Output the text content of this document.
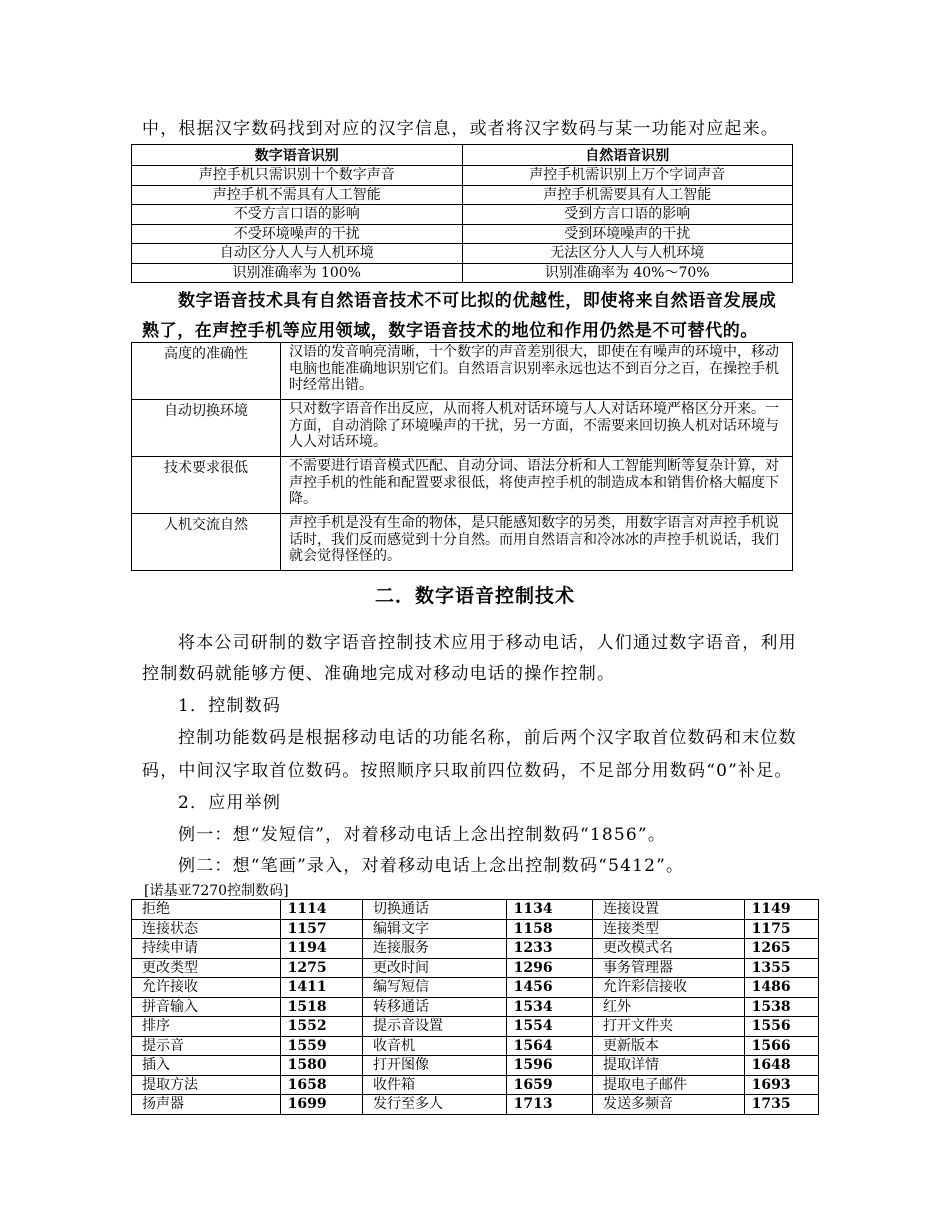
中，根据汉字数码找到对应的汉字信息，或者将汉字数码与某一功能对应起来。

数字语音识别	自然语音识别
声控手机只需识别十个数字声音	声控手机需识别上万个字词声音
声控手机不需具有人工智能	声控手机需要具有人工智能
不受方言口语的影响	受到方言口语的影响
不受环境噪声的干扰	受到环境噪声的干扰
自动区分人人与人机环境	无法区分人人与人机环境
识别准确率为 100%	识别准确率为 40%～70%

数字语音技术具有自然语音技术不可比拟的优越性，即使将来自然语音发展成

熟了，在声控手机等应用领域，数字语音技术的地位和作用仍然是不可替代的。

高度的准确性	汉语的发音响亮清晰，十个数字的声音差别很大，即使在有噪声的环境中，移动电脑也能准确地识别它们。自然语言识别率永远也达不到百分之百，在操控手机时经常出错。
自动切换环境	只对数字语音作出反应，从而将人机对话环境与人人对话环境严格区分开来。一方面，自动消除了环境噪声的干扰，另一方面，不需要来回切换人机对话环境与人人对话环境。
技术要求很低	不需要进行语音模式匹配、自动分词、语法分析和人工智能判断等复杂计算，对声控手机的性能和配置要求很低，将使声控手机的制造成本和销售价格大幅度下降。
人机交流自然	声控手机是没有生命的物体，是只能感知数字的另类，用数字语言对声控手机说话时，我们反而感觉到十分自然。而用自然语言和冷冰冰的声控手机说话，我们就会觉得怪怪的。
二．数字语音控制技术

将本公司研制的数字语音控制技术应用于移动电话，人们通过数字语音，利用

控制数码就能够方便、准确地完成对移动电话的操作控制。

1．控制数码

控制功能数码是根据移动电话的功能名称，前后两个汉字取首位数码和末位数

码，中间汉字取首位数码。按照顺序只取前四位数码，不足部分用数码“0”补足。

2．应用举例

例一：想“发短信”，对着移动电话上念出控制数码“1856”。

例二：想“笔画”录入，对着移动电话上念出控制数码“5412”。

[诺基亚7270控制数码]
拒绝	1114	切换通话	1134	连接设置	1149
连接状态	1157	编辑文字	1158	连接类型	1175
持续申请	1194	连接服务	1233	更改模式名	1265
更改类型	1275	更改时间	1296	事务管理器	1355
允许接收	1411	编写短信	1456	允许彩信接收	1486
拼音输入	1518	转移通话	1534	红外	1538
排序	1552	提示音设置	1554	打开文件夹	1556
提示音	1559	收音机	1564	更新版本	1566
插入	1580	打开图像	1596	提取详情	1648
提取方法	1658	收件箱	1659	提取电子邮件	1693
扬声器	1699	发行至多人	1713	发送多频音	1735
